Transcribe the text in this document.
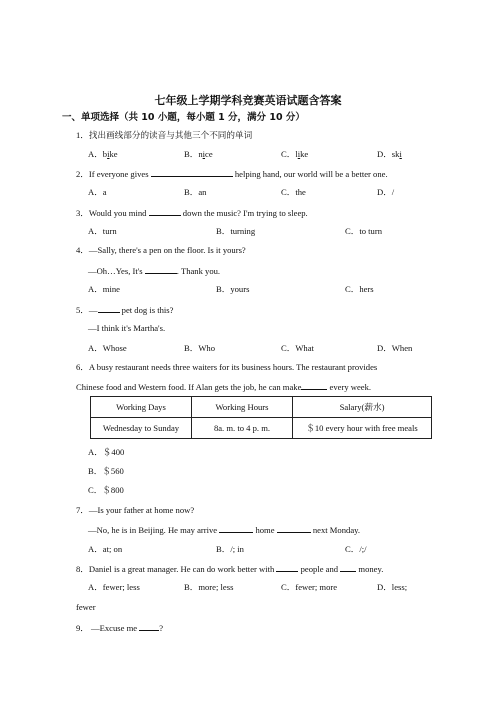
七年级上学期学科竞赛英语试题含答案
一、单项选择（共 10 小题，每小题 1 分，满分 10 分）
1．找出画线部分的读音与其他三个不同的单词
A．bike	B．nice	C．like	D．ski
2．If everyone gives	helping hand, our world will be a better one.
A．a	B．an	C．the	D．/
3．Would you mind	down the music? I'm trying to sleep.
A．turn	B．turning	C．to turn
4．—Sally, there's a pen on the floor. Is it yours?
—Oh…Yes, It's	. Thank you.
A．mine	B．yours	C．hers
5．—	pet dog is this?
—I think it's Martha's.
A．Whose	B．Who	C．What	D．When
6．A busy restaurant needs three waiters for its business hours. The restaurant provides
Chinese food and Western food. If Alan gets the job, he can make	every week.
Working Days	Working Hours	Salary(薪水)
Wednesday to Sunday	8a. m. to 4 p. m.	＄10 every hour with free meals
A．＄400
B．＄560
C．＄800
7．—Is your father at home now?
—No, he is in Beijing. He may arrive	home	next Monday.
A．at; on	B．/; in	C．/;/
8．Daniel is a great manager. He can do work better with	people and money.
A．fewer; less	B．more; less	C．fewer; more	D．less;
fewer
9． —Excuse me	?
